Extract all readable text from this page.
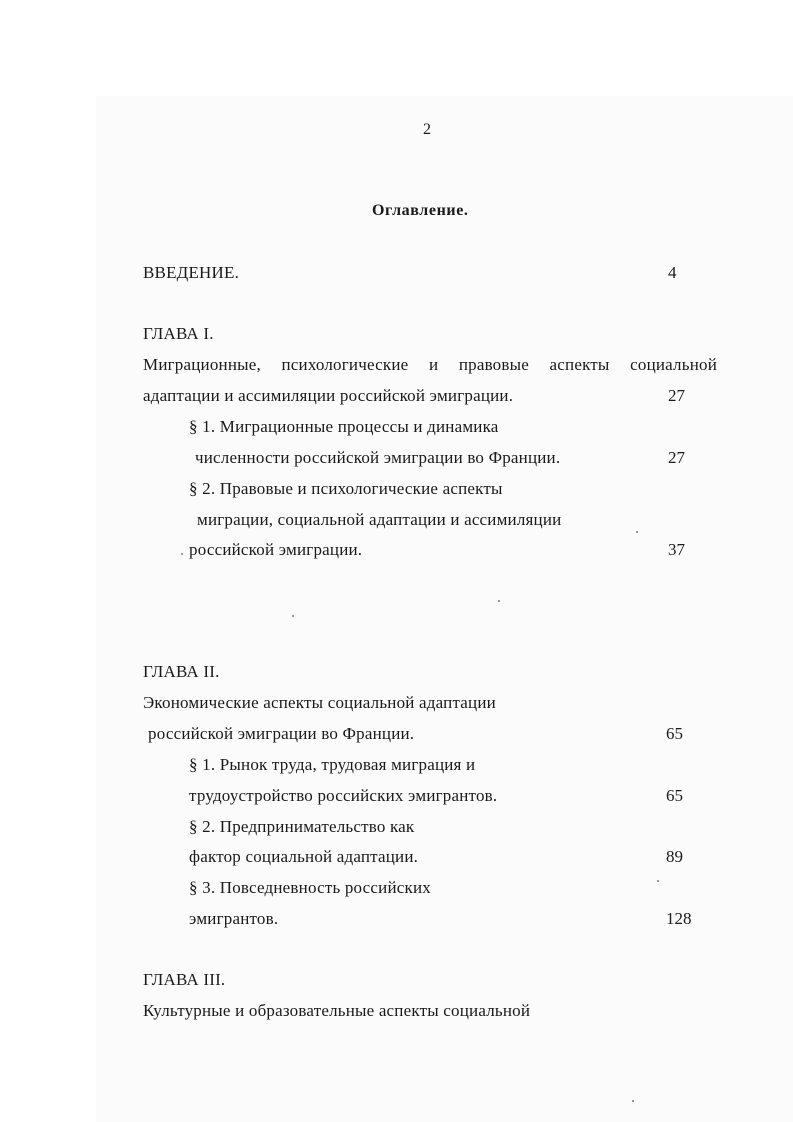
2
Оглавление.
ВВЕДЕНИЕ.	4
ГЛАВА I.
Миграционные, психологические и правовые аспекты социальной
адаптации и ассимиляции российской эмиграции.	27
§ 1. Миграционные процессы и динамика
численности российской эмиграции во Франции.	27
§ 2. Правовые и психологические аспекты
миграции, социальной адаптации и ассимиляции
российской эмиграции.	37
ГЛАВА II.
Экономические аспекты социальной адаптации
российской эмиграции во Франции.	65
§ 1. Рынок труда, трудовая миграция и
трудоустройство российских эмигрантов.	65
§ 2. Предпринимательство как
фактор социальной адаптации.	89
§ 3. Повседневность российских
эмигрантов.	128
ГЛАВА III.
Культурные и образовательные аспекты социальной
